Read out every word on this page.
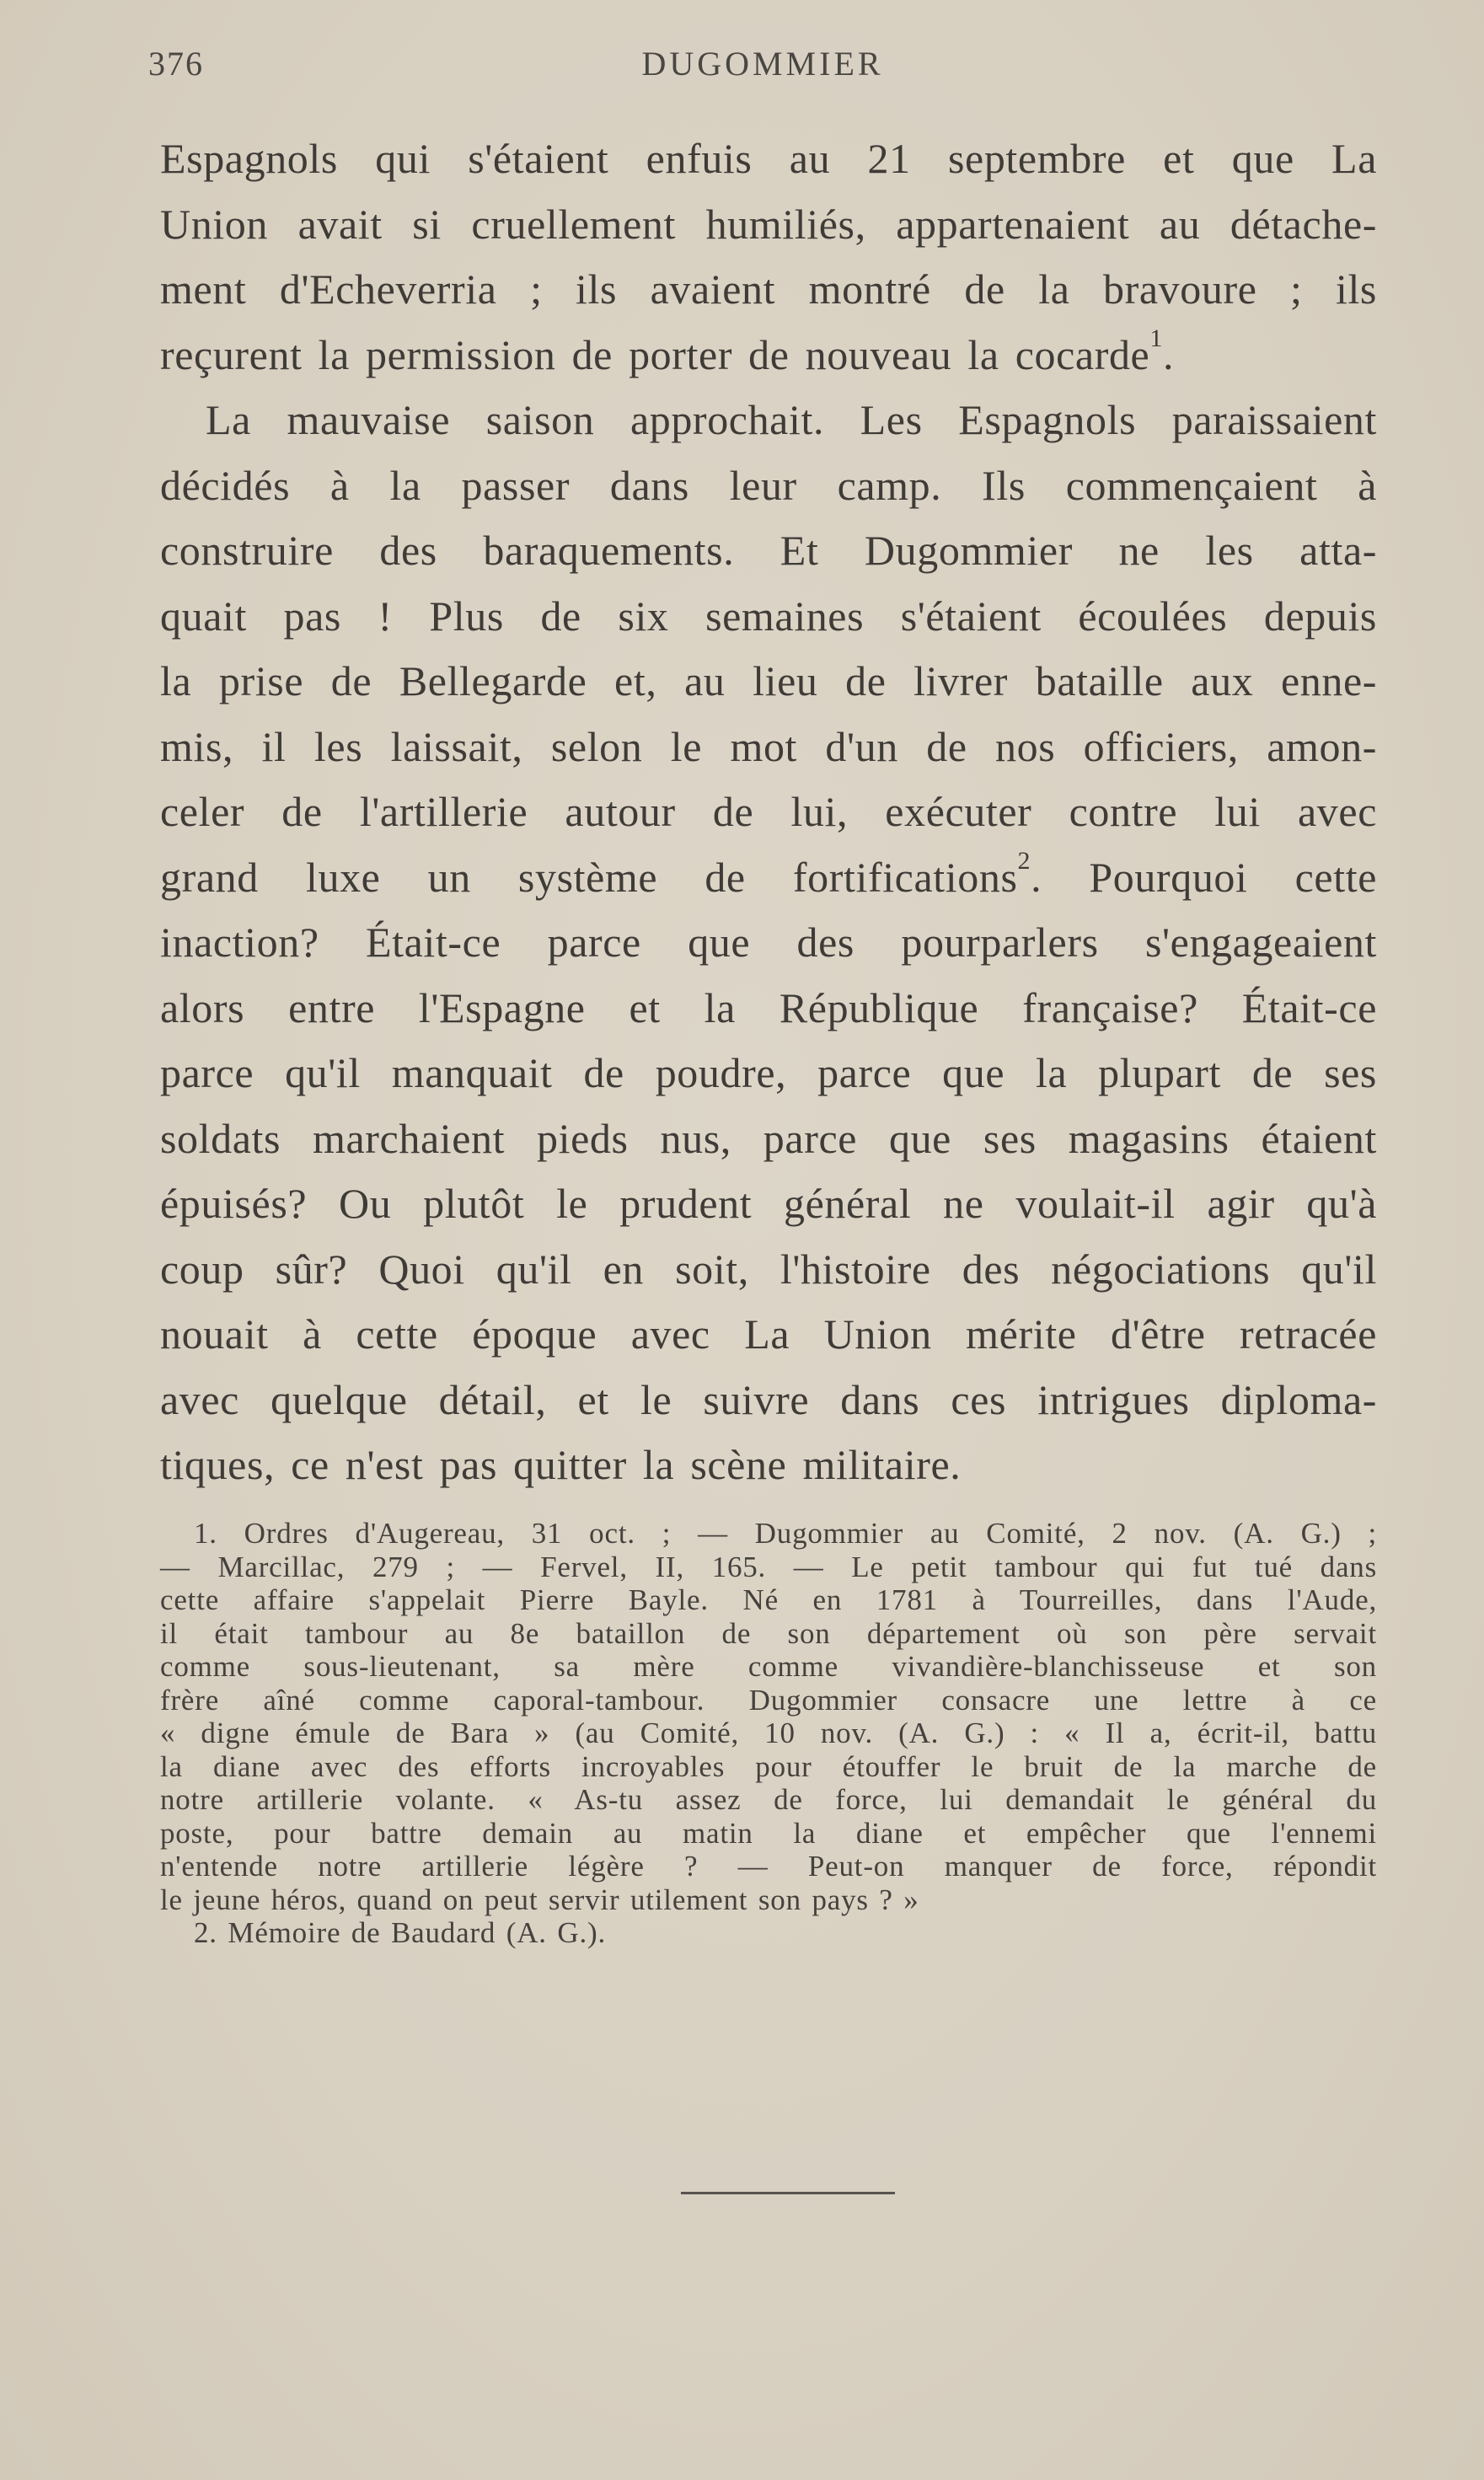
376	DUGOMMIER
Espagnols qui s'étaient enfuis au 21 septembre et que La
Union avait si cruellement humiliés, appartenaient au détache-
ment d'Echeverria ; ils avaient montré de la bravoure ; ils
reçurent la permission de porter de nouveau la cocarde$^1$.
La mauvaise saison approchait. Les Espagnols paraissaient
décidés à la passer dans leur camp. Ils commençaient à
construire des baraquements. Et Dugommier ne les atta-
quait pas ! Plus de six semaines s'étaient écoulées depuis
la prise de Bellegarde et, au lieu de livrer bataille aux enne-
mis, il les laissait, selon le mot d'un de nos officiers, amon-
celer de l'artillerie autour de lui, exécuter contre lui avec
grand luxe un système de fortifications$^2$. Pourquoi cette
inaction? Était-ce parce que des pourparlers s'engageaient
alors entre l'Espagne et la République française? Était-ce
parce qu'il manquait de poudre, parce que la plupart de ses
soldats marchaient pieds nus, parce que ses magasins étaient
épuisés? Ou plutôt le prudent général ne voulait-il agir qu'à
coup sûr? Quoi qu'il en soit, l'histoire des négociations qu'il
nouait à cette époque avec La Union mérite d'être retracée
avec quelque détail, et le suivre dans ces intrigues diploma-
tiques, ce n'est pas quitter la scène militaire.
1. Ordres d'Augereau, 31 oct. ; — Dugommier au Comité, 2 nov. (A. G.) ;
— Marcillac, 279 ; — Fervel, II, 165. — Le petit tambour qui fut tué dans
cette affaire s'appelait Pierre Bayle. Né en 1781 à Tourreilles, dans l'Aude,
il était tambour au 8e bataillon de son département où son père servait
comme sous-lieutenant, sa mère comme vivandière-blanchisseuse et son
frère aîné comme caporal-tambour. Dugommier consacre une lettre à ce
« digne émule de Bara » (au Comité, 10 nov. (A. G.) : « Il a, écrit-il, battu
la diane avec des efforts incroyables pour étouffer le bruit de la marche de
notre artillerie volante. « As-tu assez de force, lui demandait le général du
poste, pour battre demain au matin la diane et empêcher que l'ennemi
n'entende notre artillerie légère ? — Peut-on manquer de force, répondit
le jeune héros, quand on peut servir utilement son pays ? »
2. Mémoire de Baudard (A. G.).
